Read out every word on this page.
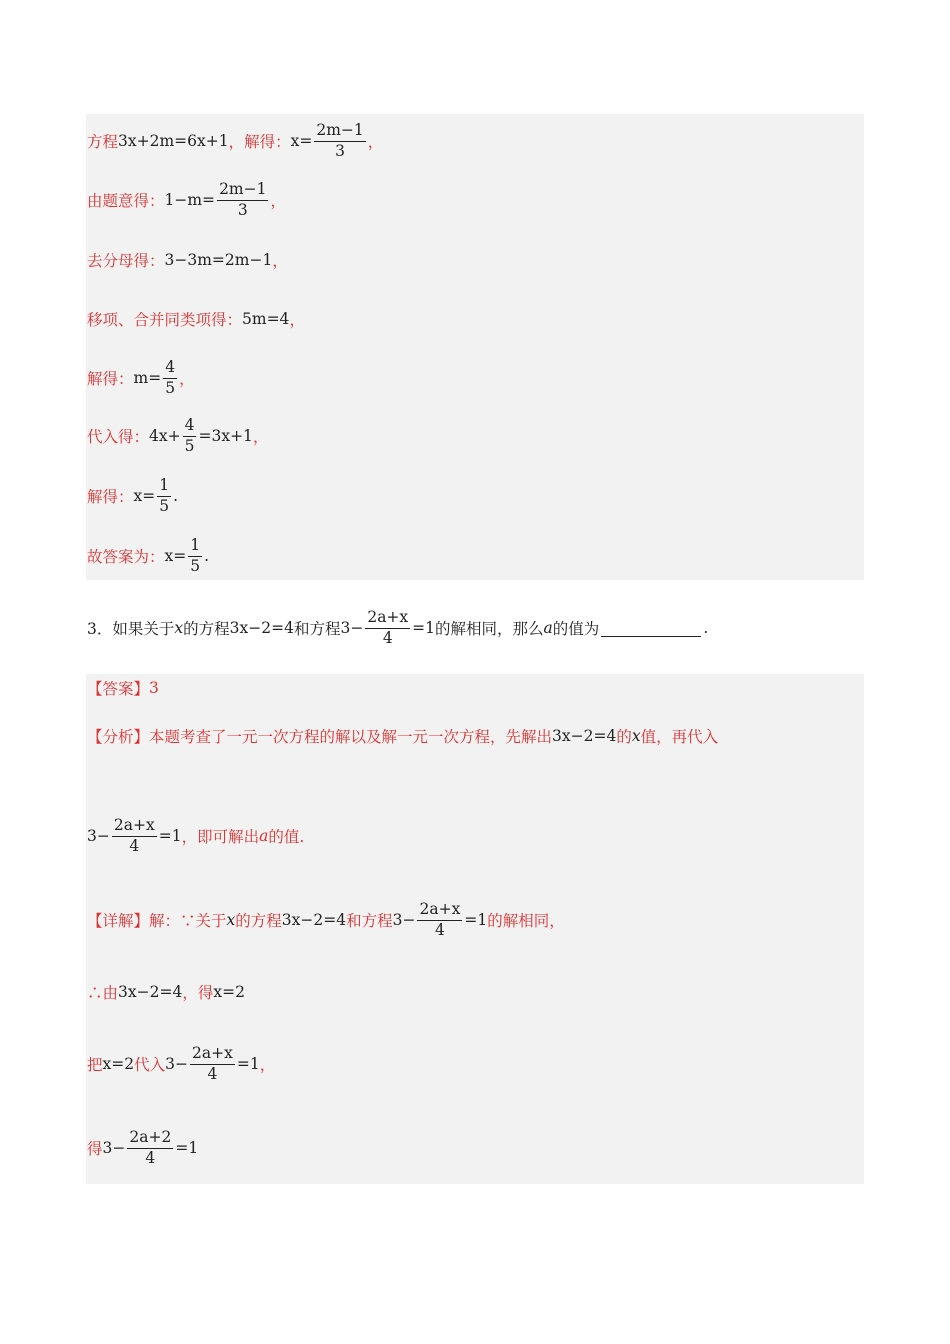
方程 3x+2m=6x+1 ，解得： $x= \frac{2m-1}{3}$ ，
由题意得： $1-m= \frac{2m-1}{3}$ ，
去分母得： 3−3m=2m−1 ，
移项、合并同类项得： 5m=4 ，
解得： $m= \frac{4}{5}$ ，
代入得： $4x+ \frac{4}{5} =3x+1$ ，
解得： $x= \frac{1}{5}$ .
故答案为： $x= \frac{1}{5}$ .
3．如果关于 x 的方程 3x−2=4 和方程 $3- \frac{2a+x}{4} =1$ 的解相同，那么 a 的值为	.
【答案】 3
【分析】 本题考查了一元一次方程的解以及解一元一次方程，先解出 3x−2=4 的 x 值，再代入
$3- \frac{2a+x}{4} =1$ ，即可解出 a 的值.
【详解】 解：∵关于 x 的方程 3x−2=4 和方程 $3- \frac{2a+x}{4} =1$ 的解相同，
∴由 3x−2=4 ，得 x=2
把 x=2 代入 $3- \frac{2a+x}{4} =1$ ，
得 $3- \frac{2a+2}{4} =1$
